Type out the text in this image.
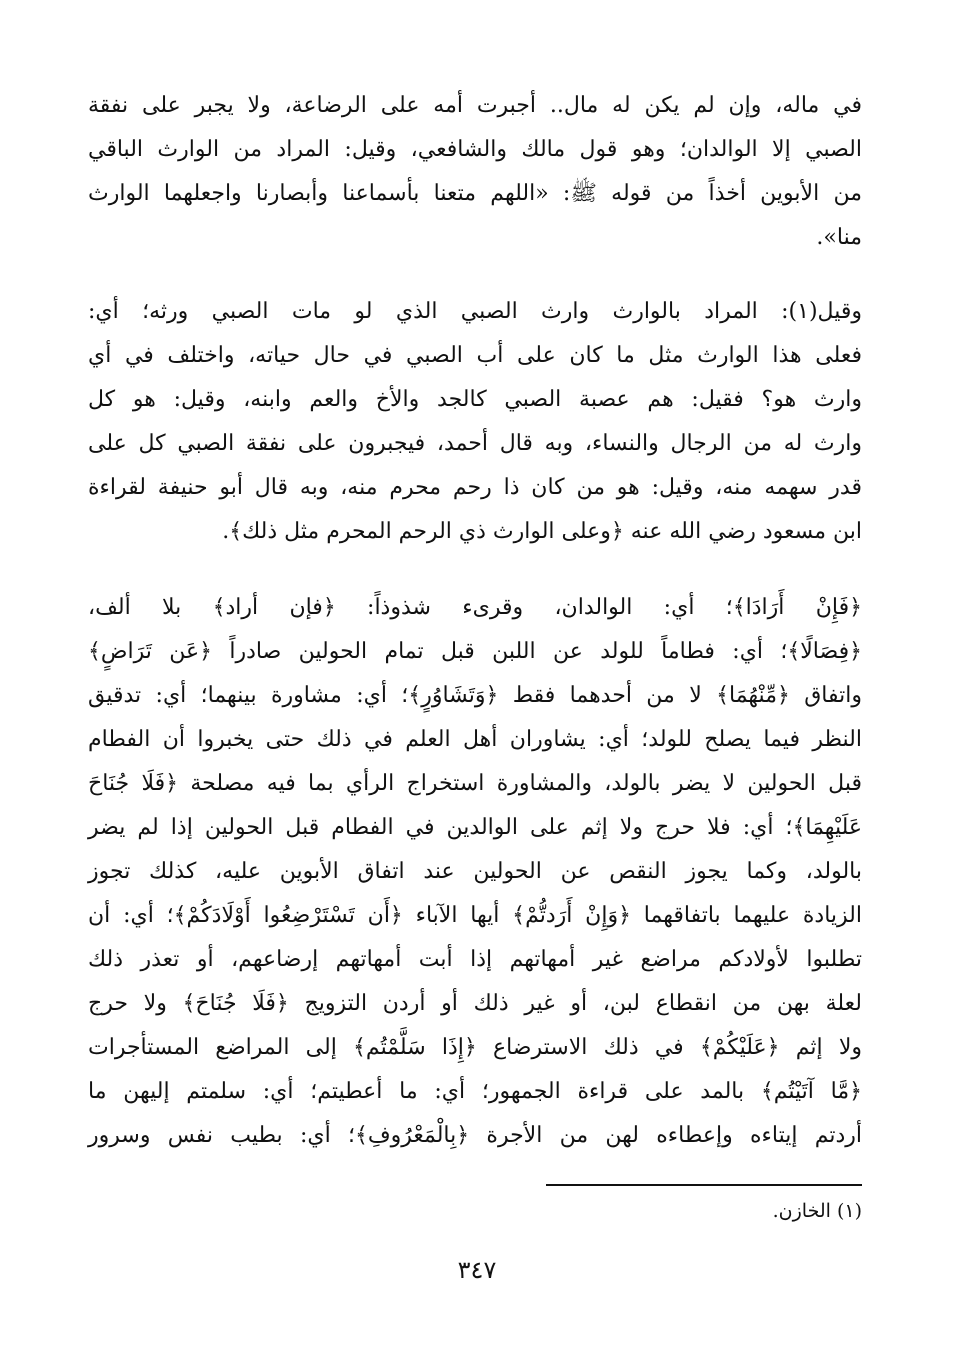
في ماله، وإن لم يكن له مال.. أجبرت أمه على الرضاعة، ولا يجبر على نفقة
الصبي إلا الوالدان؛ وهو قول مالك والشافعي، وقيل: المراد من الوارث الباقي
من الأبوين أخذاً من قوله ﷺ: «اللهم متعنا بأسماعنا وأبصارنا واجعلهما الوارث
منا».
وقيل(١): المراد بالوارث وارث الصبي الذي لو مات الصبي ورثه؛ أي:
فعلى هذا الوارث مثل ما كان على أب الصبي في حال حياته، واختلف في أي
وارث هو؟ فقيل: هم عصبة الصبي كالجد والأخ والعم وابنه، وقيل: هو كل
وارث له من الرجال والنساء، وبه قال أحمد، فيجبرون على نفقة الصبي كل على
قدر سهمه منه، وقيل: هو من كان ذا رحم محرم منه، وبه قال أبو حنيفة لقراءة
ابن مسعود رضي الله عنه ﴿وعلى الوارث ذي الرحم المحرم مثل ذلك﴾.
﴿فَإِنْ أَرَادَا﴾؛ أي: الوالدان، وقرىء شذوذاً: ﴿فإن أراد﴾ بلا ألف،
﴿فِصَالًا﴾؛ أي: فطاماً للولد عن اللبن قبل تمام الحولين صادراً ﴿عَن تَرَاضٍ﴾
واتفاق ﴿مِّنْهُمَا﴾ لا من أحدهما فقط ﴿وَتَشَاوُرٍ﴾؛ أي: مشاورة بينهما؛ أي: تدقيق
النظر فيما يصلح للولد؛ أي: يشاوران أهل العلم في ذلك حتى يخبروا أن الفطام
قبل الحولين لا يضر بالولد، والمشاورة استخراج الرأي بما فيه مصلحة ﴿فَلَا جُنَاحَ
عَلَيْهِمَا﴾؛ أي: فلا حرج ولا إثم على الوالدين في الفطام قبل الحولين إذا لم يضر
بالولد، وكما يجوز النقص عن الحولين عند اتفاق الأبوين عليه، كذلك تجوز
الزيادة عليهما باتفاقهما ﴿وَإِنْ أَرَدتُّمْ﴾ أيها الآباء ﴿أَن تَسْتَرْضِعُوا أَوْلَادَكُمْ﴾؛ أي: أن
تطلبوا لأولادكم مراضع غير أمهاتهم إذا أبت أمهاتهم إرضاعهم، أو تعذر ذلك
لعلة بهن من انقطاع لبن، أو غير ذلك أو أردن التزويج ﴿فَلَا جُنَاحَ﴾ ولا حرج
ولا إثم ﴿عَلَيْكُمْ﴾ في ذلك الاسترضاع ﴿إِذَا سَلَّمْتُم﴾ إلى المراضع المستأجرات
﴿مَّا آتَيْتُم﴾ بالمد على قراءة الجمهور؛ أي: ما أعطيتم؛ أي: سلمتم إليهن ما
أردتم إيتاءه وإعطاءه لهن من الأجرة ﴿بِالْمَعْرُوفِ﴾؛ أي: بطيب نفس وسرور
(١) الخازن.
٣٤٧
